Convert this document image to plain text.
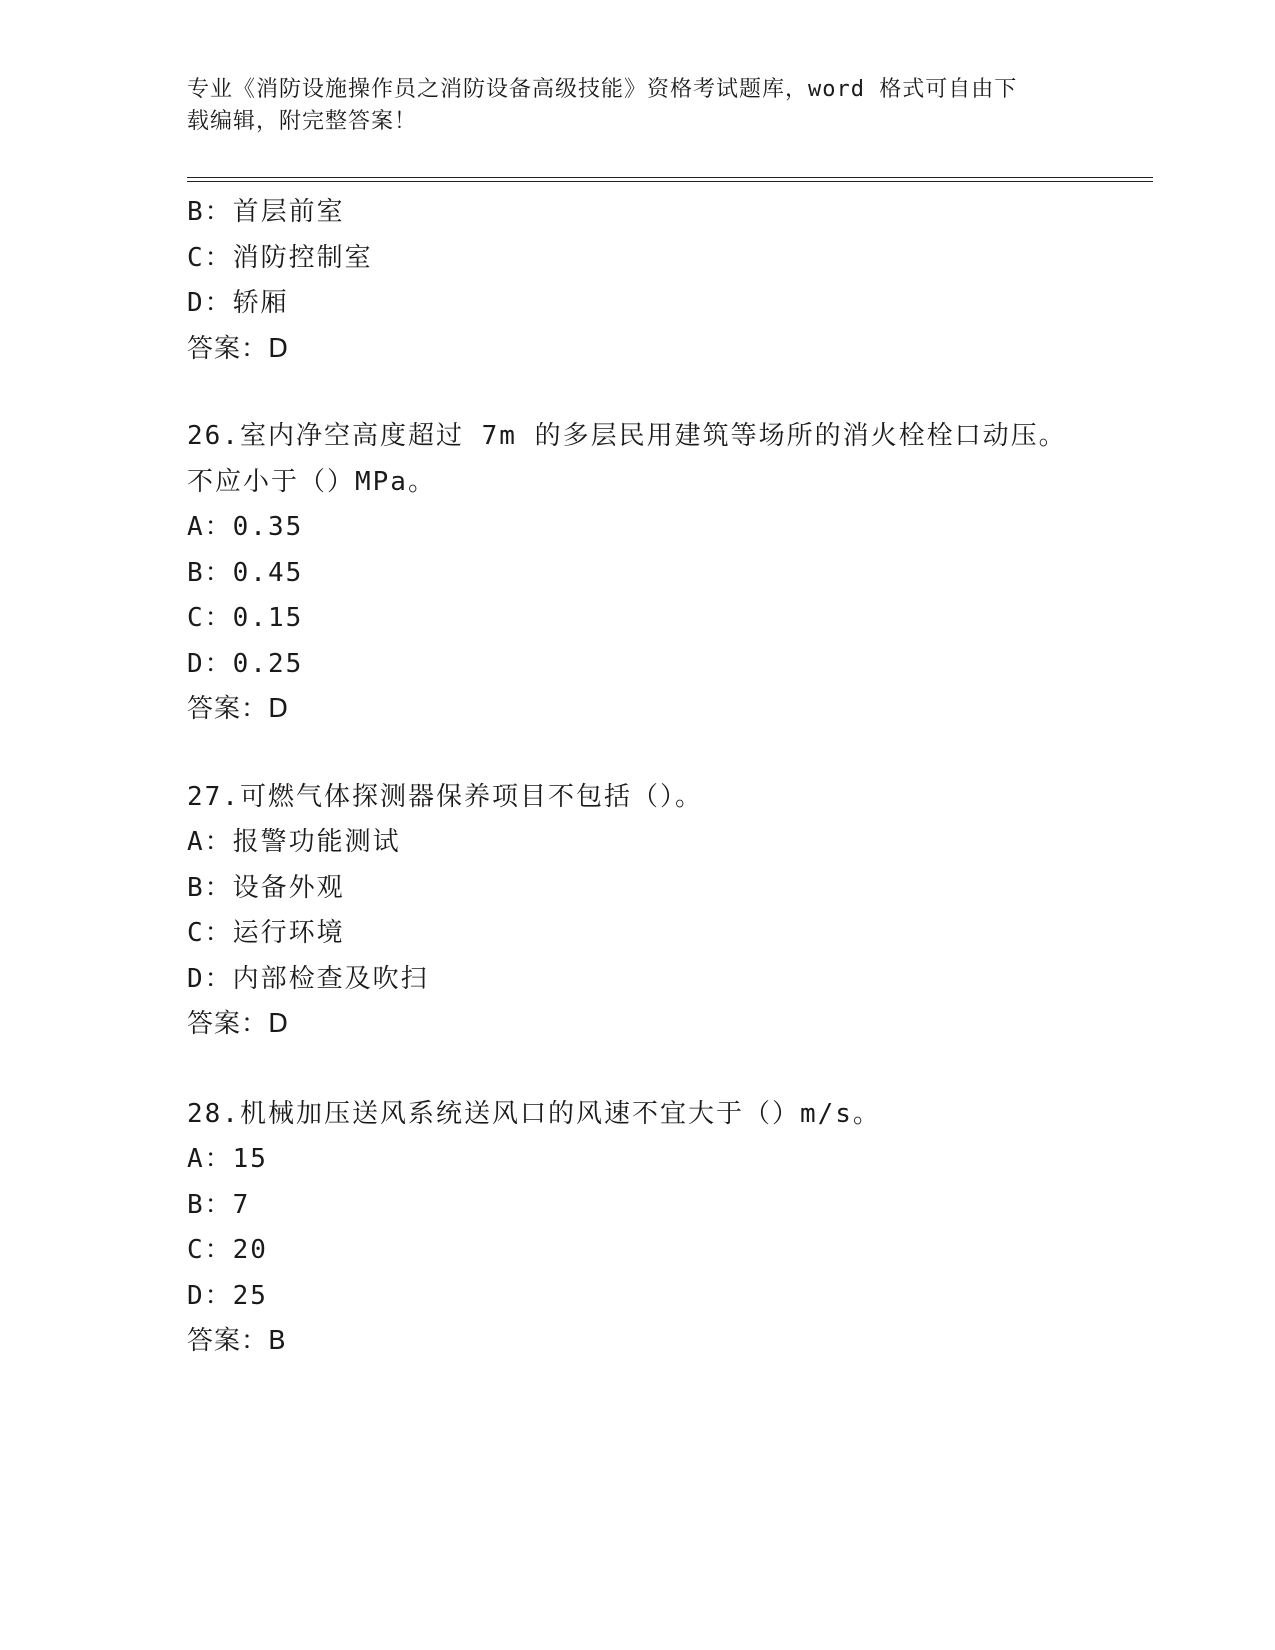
专业《消防设施操作员之消防设备高级技能》资格考试题库，word 格式可自由下
载编辑，附完整答案！
B：首层前室
C：消防控制室
D：轿厢
答案：D
26.室内净空高度超过 7m 的多层民用建筑等场所的消火栓栓口动压。
不应小于（）MPa。
A：0.35
B：0.45
C：0.15
D：0.25
答案：D
27.可燃气体探测器保养项目不包括（）。
A：报警功能测试
B：设备外观
C：运行环境
D：内部检查及吹扫
答案：D
28.机械加压送风系统送风口的风速不宜大于（）m/s。
A：15
B：7
C：20
D：25
答案：B
